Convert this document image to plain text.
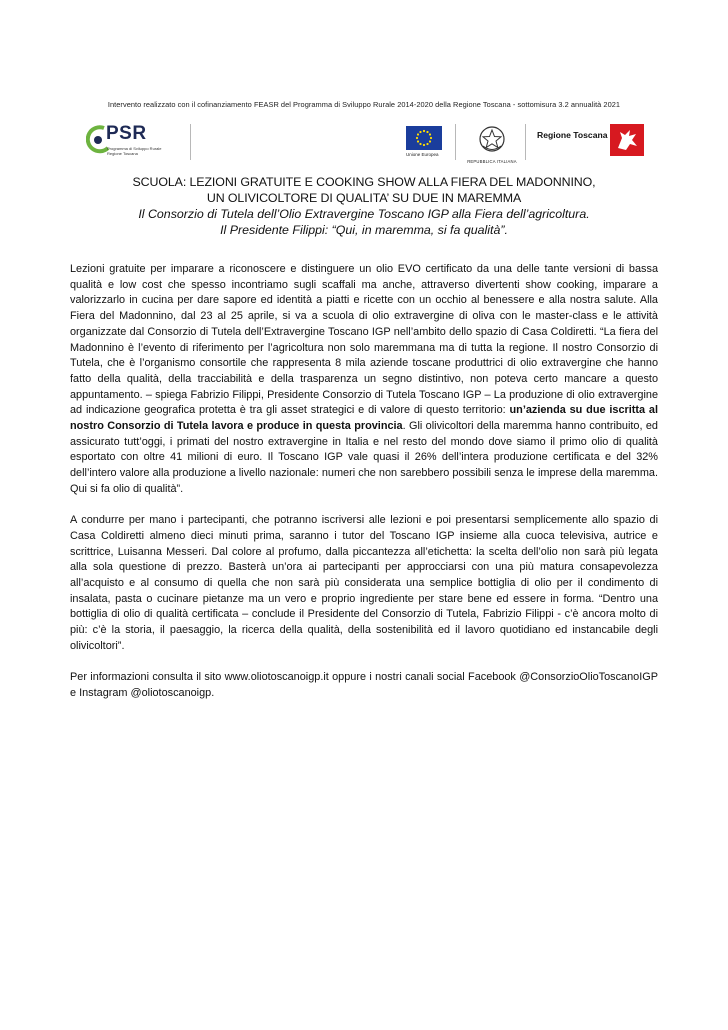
Intervento realizzato con il cofinanziamento FEASR del Programma di Sviluppo Rurale 2014-2020 della Regione Toscana - sottomisura 3.2 annualità 2021
PSR
Programma di Sviluppo Rurale Regione Toscana	Unione Europea
REPUBBLICA ITALIANA
Regione Toscana
SCUOLA: LEZIONI GRATUITE E COOKING SHOW ALLA FIERA DEL MADONNINO,
UN OLIVICOLTORE DI QUALITA’ SU DUE IN MAREMMA
Il Consorzio di Tutela dell’Olio Extravergine Toscano IGP alla Fiera dell’agricoltura.
Il Presidente Filippi: “Qui, in maremma, si fa qualità”.

Lezioni gratuite per imparare a riconoscere e distinguere un olio EVO certificato da una delle tante versioni di bassa qualità e low cost che spesso incontriamo sugli scaffali ma anche, attraverso divertenti show cooking, imparare a valorizzarlo in cucina per dare sapore ed identità a piatti e ricette con un occhio al benessere e alla nostra salute. Alla Fiera del Madonnino, dal 23 al 25 aprile, si va a scuola di olio extravergine di oliva con le master-class e le attività organizzate dal Consorzio di Tutela dell’Extravergine Toscano IGP nell’ambito dello spazio di Casa Coldiretti. “La fiera del Madonnino è l’evento di riferimento per l’agricoltura non solo maremmana ma di tutta la regione. Il nostro Consorzio di Tutela, che è l’organismo consortile che rappresenta 8 mila aziende toscane produttrici di olio extravergine che hanno fatto della qualità, della tracciabilità e della trasparenza un segno distintivo, non poteva certo mancare a questo appuntamento. – spiega Fabrizio Filippi, Presidente Consorzio di Tutela Toscano IGP – La produzione di olio extravergine ad indicazione geografica protetta è tra gli asset strategici e di valore di questo territorio: un’azienda su due iscritta al nostro Consorzio di Tutela lavora e produce in questa provincia. Gli olivicoltori della maremma hanno contribuito, ed assicurato tutt’oggi, i primati del nostro extravergine in Italia e nel resto del mondo dove siamo il primo olio di qualità esportato con oltre 41 milioni di euro. Il Toscano IGP vale quasi il 26% dell’intera produzione certificata e del 32% dell’intero valore alla produzione a livello nazionale: numeri che non sarebbero possibili senza le imprese della maremma. Qui si fa olio di qualità”.

A condurre per mano i partecipanti, che potranno iscriversi alle lezioni e poi presentarsi semplicemente allo spazio di Casa Coldiretti almeno dieci minuti prima, saranno i tutor del Toscano IGP insieme alla cuoca televisiva, autrice e scrittrice, Luisanna Messeri. Dal colore al profumo, dalla piccantezza all’etichetta: la scelta dell’olio non sarà più legata alla sola questione di prezzo. Basterà un’ora ai partecipanti per approcciarsi con una più matura consapevolezza all’acquisto e al consumo di quella che non sarà più considerata una semplice bottiglia di olio per il condimento di insalata, pasta o cucinare pietanze ma un vero e proprio ingrediente per stare bene ed essere in forma. “Dentro una bottiglia di olio di qualità certificata – conclude il Presidente del Consorzio di Tutela, Fabrizio Filippi - c’è ancora molto di più: c’è la storia, il paesaggio, la ricerca della qualità, della sostenibilità ed il lavoro quotidiano ed instancabile degli olivicoltori”.

Per informazioni consulta il sito www.oliotoscanoigp.it oppure i nostri canali social Facebook @ConsorzioOlioToscanoIGP e Instagram @oliotoscanoigp.
